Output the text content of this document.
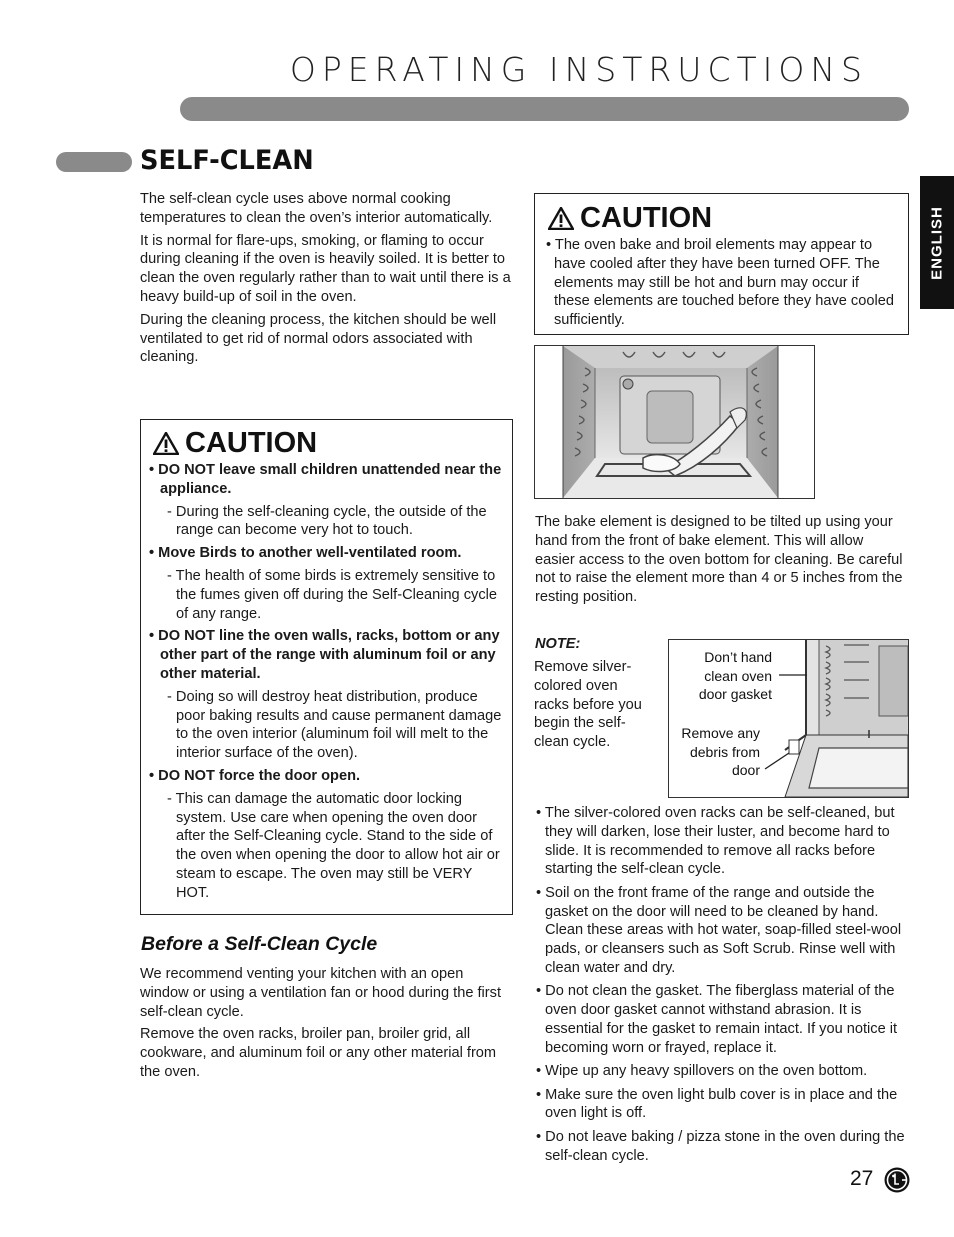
OPERATING INSTRUCTIONS
ENGLISH
SELF-CLEAN

The self-clean cycle uses above normal cooking temperatures to clean the oven’s interior automatically.

It is normal for flare-ups, smoking, or flaming to occur during cleaning if the oven is heavily soiled. It is better to clean the oven regularly rather than to wait until there is a heavy build-up of soil in the oven.

During the cleaning process, the kitchen should be well ventilated to get rid of normal odors associated with cleaning.

CAUTION

• DO NOT leave small children unattended near the appliance.

- During the self-cleaning cycle, the outside of the range can become very hot to touch.

• Move Birds to another well-ventilated room.

- The health of some birds is extremely sensitive to the fumes given off during the Self-Cleaning cycle of any range.

• DO NOT line the oven walls, racks, bottom or any other part of the range with aluminum foil or any other material.

- Doing so will destroy heat distribution, produce poor baking results and cause permanent damage to the oven interior (aluminum foil will melt to the interior surface of the oven).

• DO NOT force the door open.

- This can damage the automatic door locking system. Use care when opening the oven door after the Self-Cleaning cycle. Stand to the side of the oven when opening the door to allow hot air or steam to escape. The oven may still be VERY HOT.

CAUTION

• The oven bake and broil elements may appear to have cooled after they have been turned OFF. The elements may still be hot and burn may occur if these elements are touched before they have cooled sufficiently.

The bake element is designed to be tilted up using your hand from the front of bake element. This will allow easier access to the oven bottom for cleaning. Be careful not to raise the element more than 4 or 5 inches from the resting position.

NOTE:

Remove silver-colored oven racks before you begin the self-clean cycle.

Don’t hand clean oven door gasket
Remove any debris from door
• The silver-colored oven racks can be self-cleaned, but they will darken, lose their luster, and become hard to slide. It is recommended to remove all racks before starting the self-clean cycle.
• Soil on the front frame of the range and outside the gasket on the door will need to be cleaned by hand. Clean these areas with hot water, soap-filled steel-wool pads, or cleansers such as Soft Scrub. Rinse well with clean water and dry.
• Do not clean the gasket. The fiberglass material of the oven door gasket cannot withstand abrasion. It is essential for the gasket to remain intact. If you notice it becoming worn or frayed, replace it.
• Wipe up any heavy spillovers on the oven bottom.
• Make sure the oven light bulb cover is in place and the oven light is off.
• Do not leave baking / pizza stone in the oven during the self-clean cycle.
Before a Self-Clean Cycle

We recommend venting your kitchen with an open window or using a ventilation fan or hood during the first self-clean cycle.

Remove the oven racks, broiler pan, broiler grid, all cookware, and aluminum foil or any other material from the oven.

27
